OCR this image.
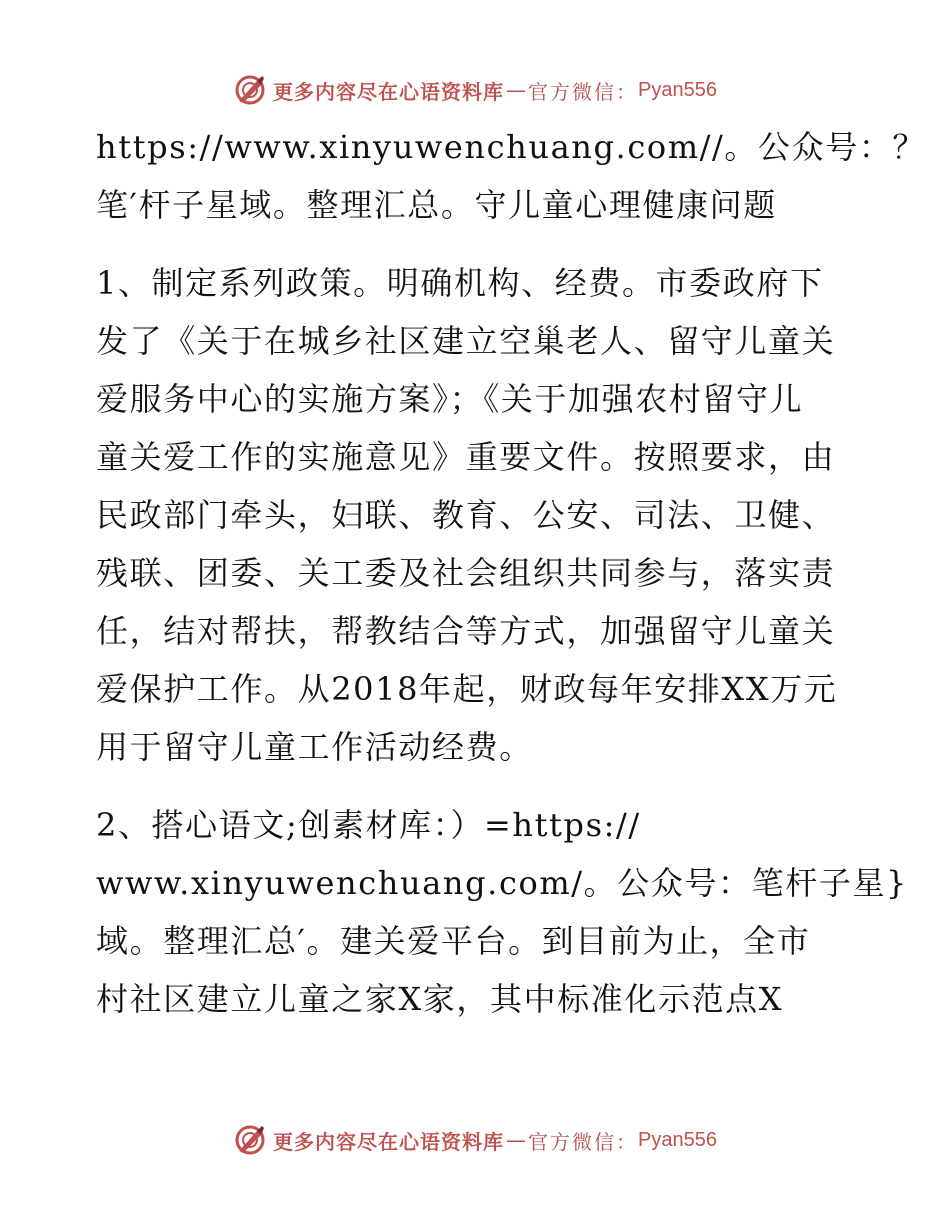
更多内容尽在心语资料库 — 官方微信： Pyan556
https://www.xinyuwenchuang.com//。公众号：？
笔′杆子星域。整理汇总。守儿童心理健康问题
1、制定系列政策。明确机构、经费。市委政府下
发了《关于在城乡社区建立空巢老人、留守儿童关
爱服务中心的实施方案》；《关于加强农村留守儿
童关爱工作的实施意见》重要文件。按照要求，由
民政部门牵头，妇联、教育、公安、司法、卫健、
残联、团委、关工委及社会组织共同参与，落实责
任，结对帮扶，帮教结合等方式，加强留守儿童关
爱保护工作。从2018年起，财政每年安排XX万元
用于留守儿童工作活动经费。
2、搭心语文;创素材库：）=https://
www.xinyuwenchuang.com/。公众号：笔杆子星}
域。整理汇总′。建关爱平台。到目前为止，全市
村社区建立儿童之家X家，其中标准化示范点X
更多内容尽在心语资料库 — 官方微信： Pyan556
